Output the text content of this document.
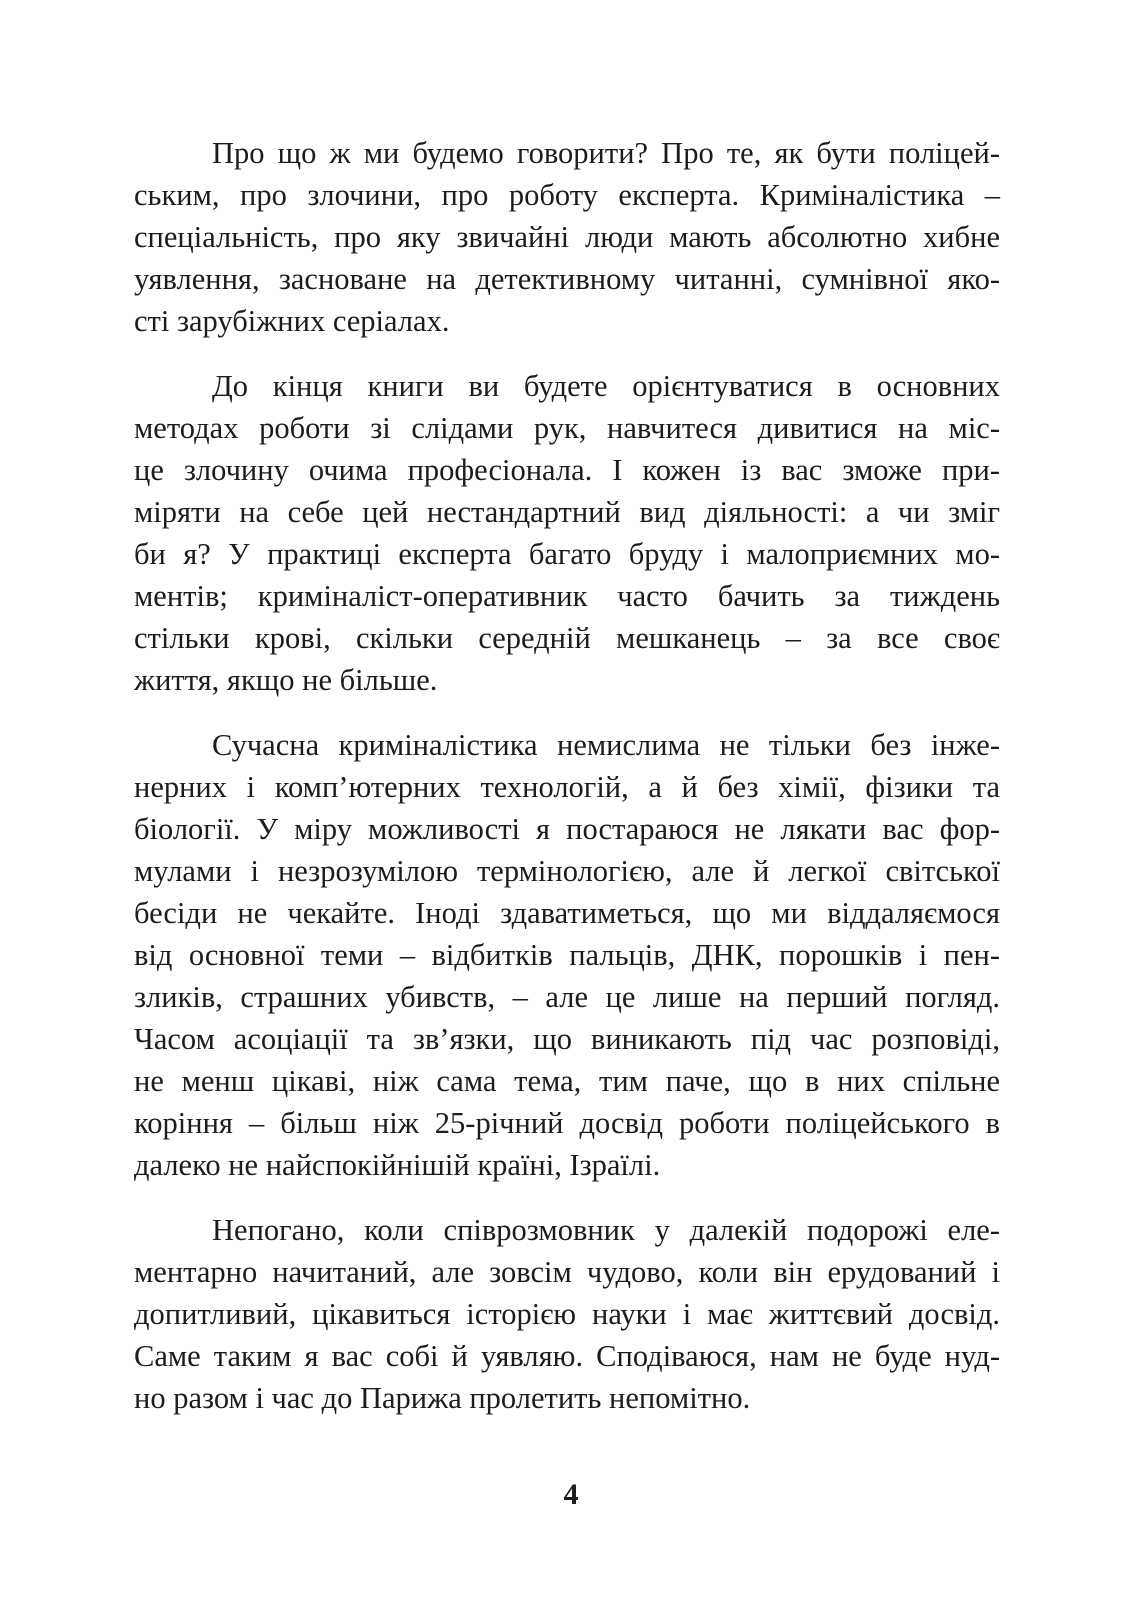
Про що ж ми будемо говорити? Про те, як бути поліцей-
ським, про злочини, про роботу експерта. Криміналістика –
спеціальність, про яку звичайні люди мають абсолютно хибне
уявлення, засноване на детективному читанні, сумнівної яко-
сті зарубіжних серіалах.
До кінця книги ви будете орієнтуватися в основних
методах роботи зі слідами рук, навчитеся дивитися на міс-
це злочину очима професіонала. І кожен із вас зможе при-
міряти на себе цей нестандартний вид діяльності: а чи зміг
би я? У практиці експерта багато бруду і малоприємних мо-
ментів; криміналіст-оперативник часто бачить за тиждень
стільки крові, скільки середній мешканець – за все своє
життя, якщо не більше.
Сучасна криміналістика немислима не тільки без інже-
нерних і комп’ютерних технологій, а й без хімії, фізики та
біології. У міру можливості я постараюся не лякати вас фор-
мулами і незрозумілою термінологією, але й легкої світської
бесіди не чекайте. Іноді здаватиметься, що ми віддаляємося
від основної теми – відбитків пальців, ДНК, порошків і пен-
зликів, страшних убивств, – але це лише на перший погляд.
Часом асоціації та зв’язки, що виникають під час розповіді,
не менш цікаві, ніж сама тема, тим паче, що в них спільне
коріння – більш ніж 25-річний досвід роботи поліцейського в
далеко не найспокійнішій країні, Ізраїлі.
Непогано, коли співрозмовник у далекій подорожі еле-
ментарно начитаний, але зовсім чудово, коли він ерудований і
допитливий, цікавиться історією науки і має життєвий досвід.
Саме таким я вас собі й уявляю. Сподіваюся, нам не буде нуд-
но разом і час до Парижа пролетить непомітно.
4
